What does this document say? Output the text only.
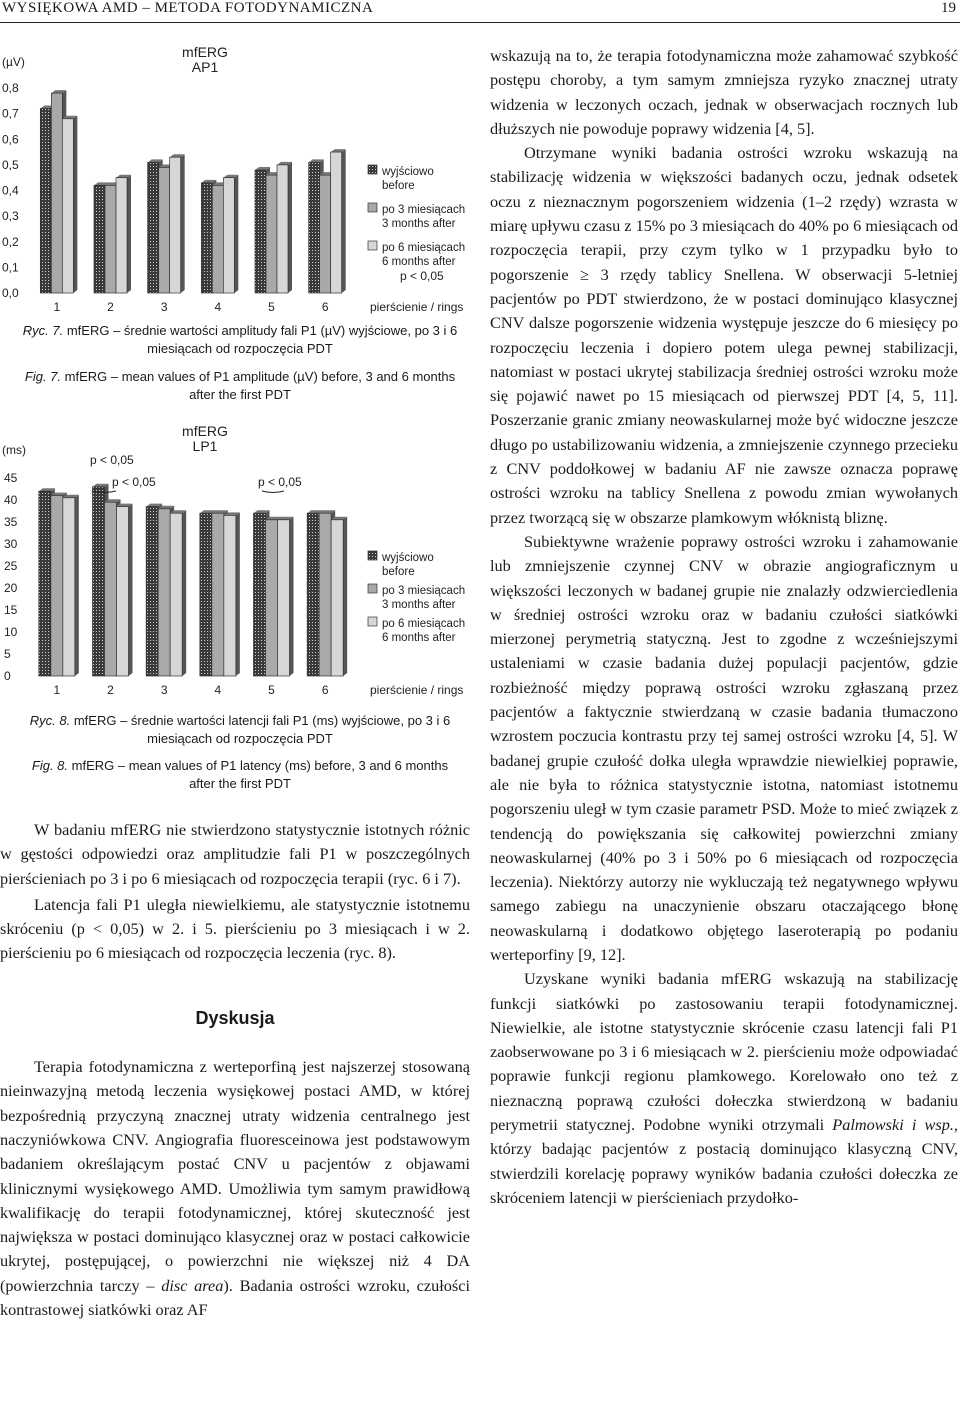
WYSIĘKOWA AMD – METODA FOTODYNAMICZNA	19
0,0
0,1
0,2
0,3
0,4
0,5
0,6
0,7
0,8
(µV)
mfERG
AP1
1	2	3	4	5	6
wyjściowo
before
po 3 miesiącach
3 months after
po 6 miesiącach
6 months after
pierścienie / rings
p < 0,05
Ryc. 7. mfERG – średnie wartości amplitudy fali P1 (µV) wyjściowe, po 3 i 6 miesiącach od rozpoczęcia PDT
Fig. 7. mfERG – mean values of P1 amplitude (µV) before, 3 and 6 months after the first PDT
0
5
10
15
20
25
30
35
40
45
(ms)
mfERG
LP1
1	2	3	4	5	6
wyjściowo
before
po 3 miesiącach
3 months after
po 6 miesiącach
6 months after
pierścienie / rings
p < 0,05
p < 0,05	p < 0,05
Ryc. 8. mfERG – średnie wartości latencji fali P1 (ms) wyjściowe, po 3 i 6 miesiącach od rozpoczęcia PDT
Fig. 8. mfERG – mean values of P1 latency (ms) before, 3 and 6 months after the first PDT

W badaniu mfERG nie stwierdzono statystycznie istotnych różnic w gęstości odpowiedzi oraz amplitudzie fali P1 w poszczególnych pierścieniach po 3 i po 6 miesiącach od rozpoczęcia terapii (ryc. 6 i 7).

Latencja fali P1 uległa niewielkiemu, ale statystycznie istotnemu skróceniu (p < 0,05) w 2. i 5. pierścieniu po 3 miesiącach i w 2. pierścieniu po 6 miesiącach od rozpoczęcia leczenia (ryc. 8).

Dyskusja

Terapia fotodynamiczna z werteporfiną jest najszerzej stosowaną nieinwazyjną metodą leczenia wysiękowej postaci AMD, w której bezpośrednią przyczyną znacznej utraty widzenia centralnego jest naczyniówkowa CNV. Angiografia fluoresceinowa jest podstawowym badaniem określającym postać CNV u pacjentów z objawami klinicznymi wysiękowego AMD. Umożliwia tym samym prawidłową kwalifikację do terapii fotodynamicznej, której skuteczność jest największa w postaci dominująco klasycznej oraz w postaci całkowicie ukrytej, postępującej, o powierzchni nie większej niż 4 DA (powierzchnia tarczy – disc area). Badania ostrości wzroku, czułości kontrastowej siatkówki oraz AF

wskazują na to, że terapia fotodynamiczna może zahamować szybkość postępu choroby, a tym samym zmniejsza ryzyko znacznej utraty widzenia w leczonych oczach, jednak w obserwacjach rocznych lub dłuższych nie powoduje poprawy widzenia [4, 5].

Otrzymane wyniki badania ostrości wzroku wskazują na stabilizację widzenia w większości badanych oczu, jednak odsetek oczu z nieznacznym pogorszeniem widzenia (1–2 rzędy) wzrasta w miarę upływu czasu z 15% po 3 miesiącach do 40% po 6 miesiącach od rozpoczęcia terapii, przy czym tylko w 1 przypadku było to pogorszenie ≥ 3 rzędy tablicy Snellena. W obserwacji 5-letniej pacjentów po PDT stwierdzono, że w postaci dominująco klasycznej CNV dalsze pogorszenie widzenia występuje jeszcze do 6 miesięcy po rozpoczęciu leczenia i dopiero potem ulega pewnej stabilizacji, natomiast w postaci ukrytej stabilizacja średniej ostrości wzroku może się pojawić nawet po 15 miesiącach od pierwszej PDT [4, 5, 11]. Poszerzanie granic zmiany neowaskularnej może być widoczne jeszcze długo po ustabilizowaniu widzenia, a zmniejszenie czynnego przecieku z CNV poddołkowej w badaniu AF nie zawsze oznacza poprawę ostrości wzroku na tablicy Snellena z powodu zmian wywołanych przez tworzącą się w obszarze plamkowym włóknistą bliznę.

Subiektywne wrażenie poprawy ostrości wzroku i zahamowanie lub zmniejszenie czynnej CNV w obrazie angiograficznym u większości leczonych w badanej grupie nie znalazły odzwierciedlenia w średniej ostrości wzroku oraz w badaniu czułości siatkówki mierzonej perymetrią statyczną. Jest to zgodne z wcześniejszymi ustaleniami w czasie badania dużej populacji pacjentów, gdzie rozbieżność między poprawą ostrości wzroku zgłaszaną przez pacjentów a faktycznie stwierdzaną w czasie badania tłumaczono wzrostem poczucia kontrastu przy tej samej ostrości wzroku [4, 5]. W badanej grupie czułość dołka uległa wprawdzie niewielkiej poprawie, ale nie była to różnica statystycznie istotna, natomiast istotnemu pogorszeniu uległ w tym czasie parametr PSD. Może to mieć związek z tendencją do powiększania się całkowitej powierzchni zmiany neowaskularnej (40% po 3 i 50% po 6 miesiącach od rozpoczęcia leczenia). Niektórzy autorzy nie wykluczają też negatywnego wpływu samego zabiegu na unaczynienie obszaru otaczającego błonę neowaskularną i dodatkowo objętego laseroterapią po podaniu werteporfiny [9, 12].

Uzyskane wyniki badania mfERG wskazują na stabilizację funkcji siatkówki po zastosowaniu terapii fotodynamicznej. Niewielkie, ale istotne statystycznie skrócenie czasu latencji fali P1 zaobserwowane po 3 i 6 miesiącach w 2. pierścieniu może odpowiadać poprawie funkcji regionu plamkowego. Korelowało ono też z nieznaczną poprawą czułości dołeczka stwierdzoną w badaniu perymetrii statycznej. Podobne wyniki otrzymali Palmowski i wsp., którzy badając pacjentów z postacią dominująco klasyczną CNV, stwierdzili korelację poprawy wyników badania czułości dołeczka ze skróceniem latencji w pierścieniach przydołko-
